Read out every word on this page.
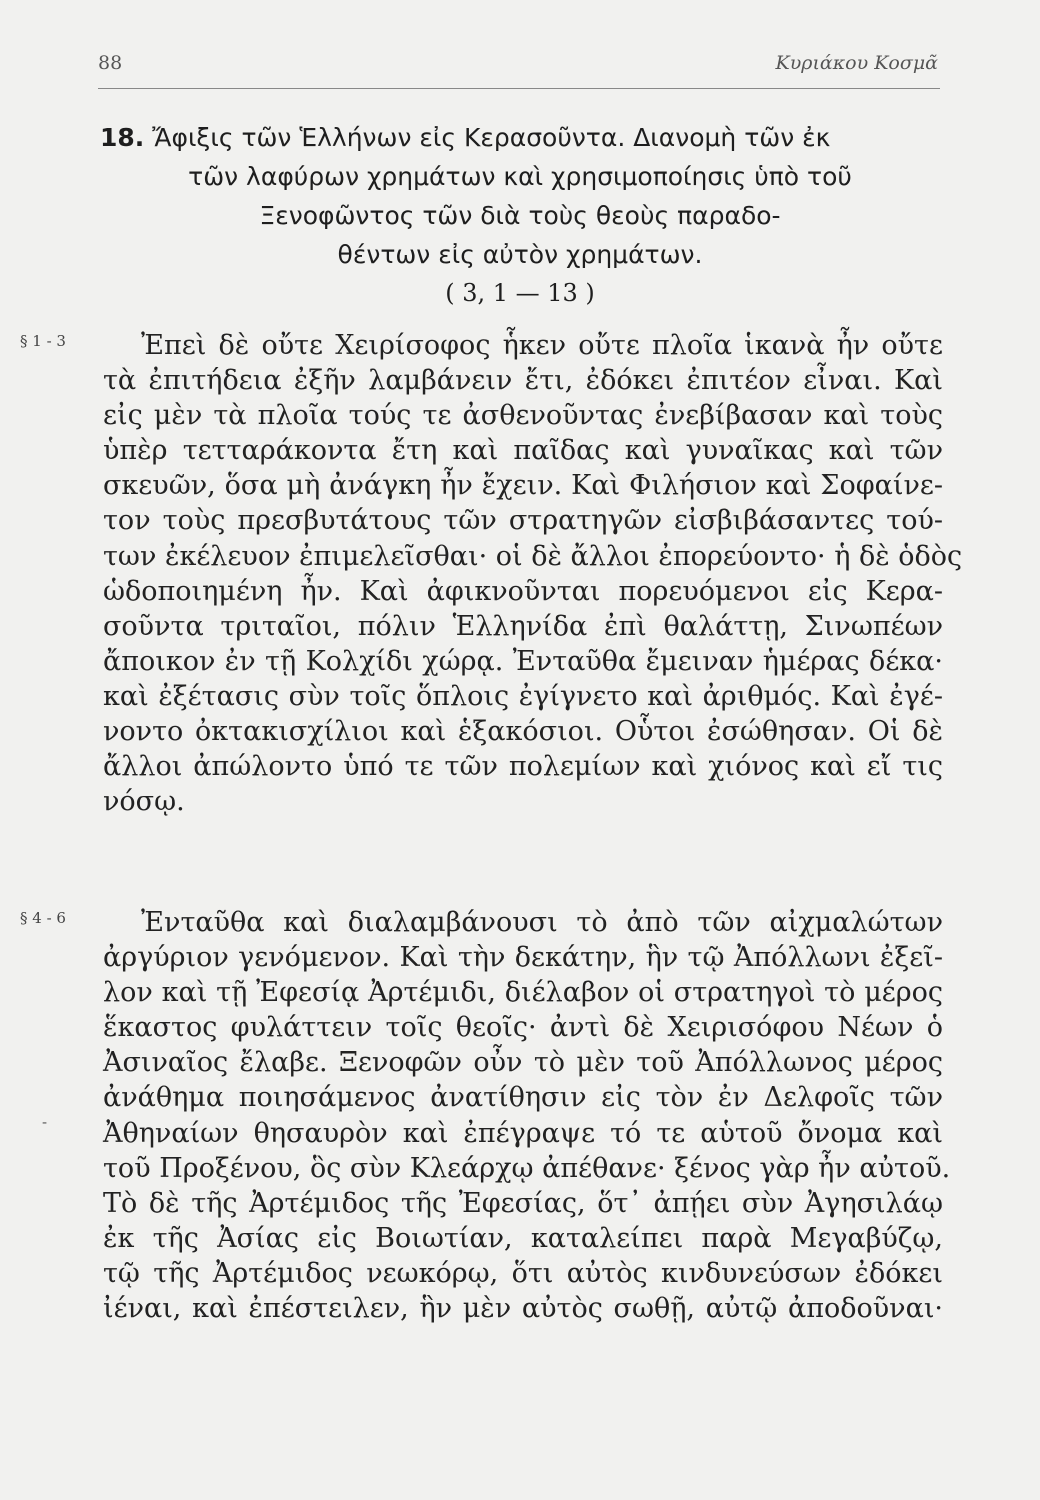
88	Κυριάκου Κοσμᾶ
18. Ἄφιξις τῶν Ἑλλήνων εἰς Κερασοῦντα. Διανομὴ τῶν ἐκ
τῶν λαφύρων χρημάτων καὶ χρησιμοποίησις ὑπὸ τοῦ
Ξενοφῶντος τῶν διὰ τοὺς θεοὺς παραδο-
θέντων εἰς αὐτὸν χρημάτων.
( 3, 1 — 13 )
§ 1 - 3
-
Ἐπεὶ δὲ οὔτε Χειρίσοφος ἧκεν οὔτε πλοῖα ἱκανὰ ἦν οὔτε
τὰ ἐπιτήδεια ἐξῆν λαμβάνειν ἔτι, ἐδόκει ἐπιτέον εἶναι. Καὶ
εἰς μὲν τὰ πλοῖα τούς τε ἀσθενοῦντας ἐνεβίβασαν καὶ τοὺς
ὑπὲρ τετταράκοντα ἔτη καὶ παῖδας καὶ γυναῖκας καὶ τῶν
σκευῶν, ὅσα μὴ ἀνάγκη ἦν ἔχειν. Καὶ Φιλήσιον καὶ Σοφαίνε-
τον τοὺς πρεσβυτάτους τῶν στρατηγῶν εἰσβιβάσαντες τού-
των ἐκέλευον ἐπιμελεῖσθαι· οἱ δὲ ἄλλοι ἐπορεύοντο· ἡ δὲ ὁδὸς
ὡδοποιημένη ἦν. Καὶ ἀφικνοῦνται πορευόμενοι εἰς Κερα-
σοῦντα τριταῖοι, πόλιν Ἑλληνίδα ἐπὶ θαλάττῃ, Σινωπέων
ἄποικον ἐν τῇ Κολχίδι χώρᾳ. Ἐνταῦθα ἔμειναν ἡμέρας δέκα·
καὶ ἐξέτασις σὺν τοῖς ὅπλοις ἐγίγνετο καὶ ἀριθμός. Καὶ ἐγέ-
νοντο ὀκτακισχίλιοι καὶ ἑξακόσιοι. Οὗτοι ἐσώθησαν. Οἱ δὲ
ἄλλοι ἀπώλοντο ὑπό τε τῶν πολεμίων καὶ χιόνος καὶ εἴ τις
νόσῳ.
§ 4 - 6	Ἐνταῦθα καὶ διαλαμβάνουσι τὸ ἀπὸ τῶν αἰχμαλώτων
ἀργύριον γενόμενον. Καὶ τὴν δεκάτην, ἣν τῷ Ἀπόλλωνι ἐξεῖ-
λον καὶ τῇ Ἐφεσίᾳ Ἀρτέμιδι, διέλαβον οἱ στρατηγοὶ τὸ μέρος
ἕκαστος φυλάττειν τοῖς θεοῖς· ἀντὶ δὲ Χειρισόφου Νέων ὁ
Ἀσιναῖος ἔλαβε. Ξενοφῶν οὖν τὸ μὲν τοῦ Ἀπόλλωνος μέρος
ἀνάθημα ποιησάμενος ἀνατίθησιν εἰς τὸν ἐν Δελφοῖς τῶν
Ἀθηναίων θησαυρὸν καὶ ἐπέγραψε τό τε αὑτοῦ ὄνομα καὶ
τοῦ Προξένου, ὃς σὺν Κλεάρχῳ ἀπέθανε· ξένος γὰρ ἦν αὐτοῦ.
Τὸ δὲ τῆς Ἀρτέμιδος τῆς Ἐφεσίας, ὅτ᾽ ἀπῄει σὺν Ἀγησιλάῳ
ἐκ τῆς Ἀσίας εἰς Βοιωτίαν, καταλείπει παρὰ Μεγαβύζῳ,
τῷ τῆς Ἀρτέμιδος νεωκόρῳ, ὅτι αὐτὸς κινδυνεύσων ἐδόκει
ἰέναι, καὶ ἐπέστειλεν, ἣν μὲν αὐτὸς σωθῇ, αὐτῷ ἀποδοῦναι·
